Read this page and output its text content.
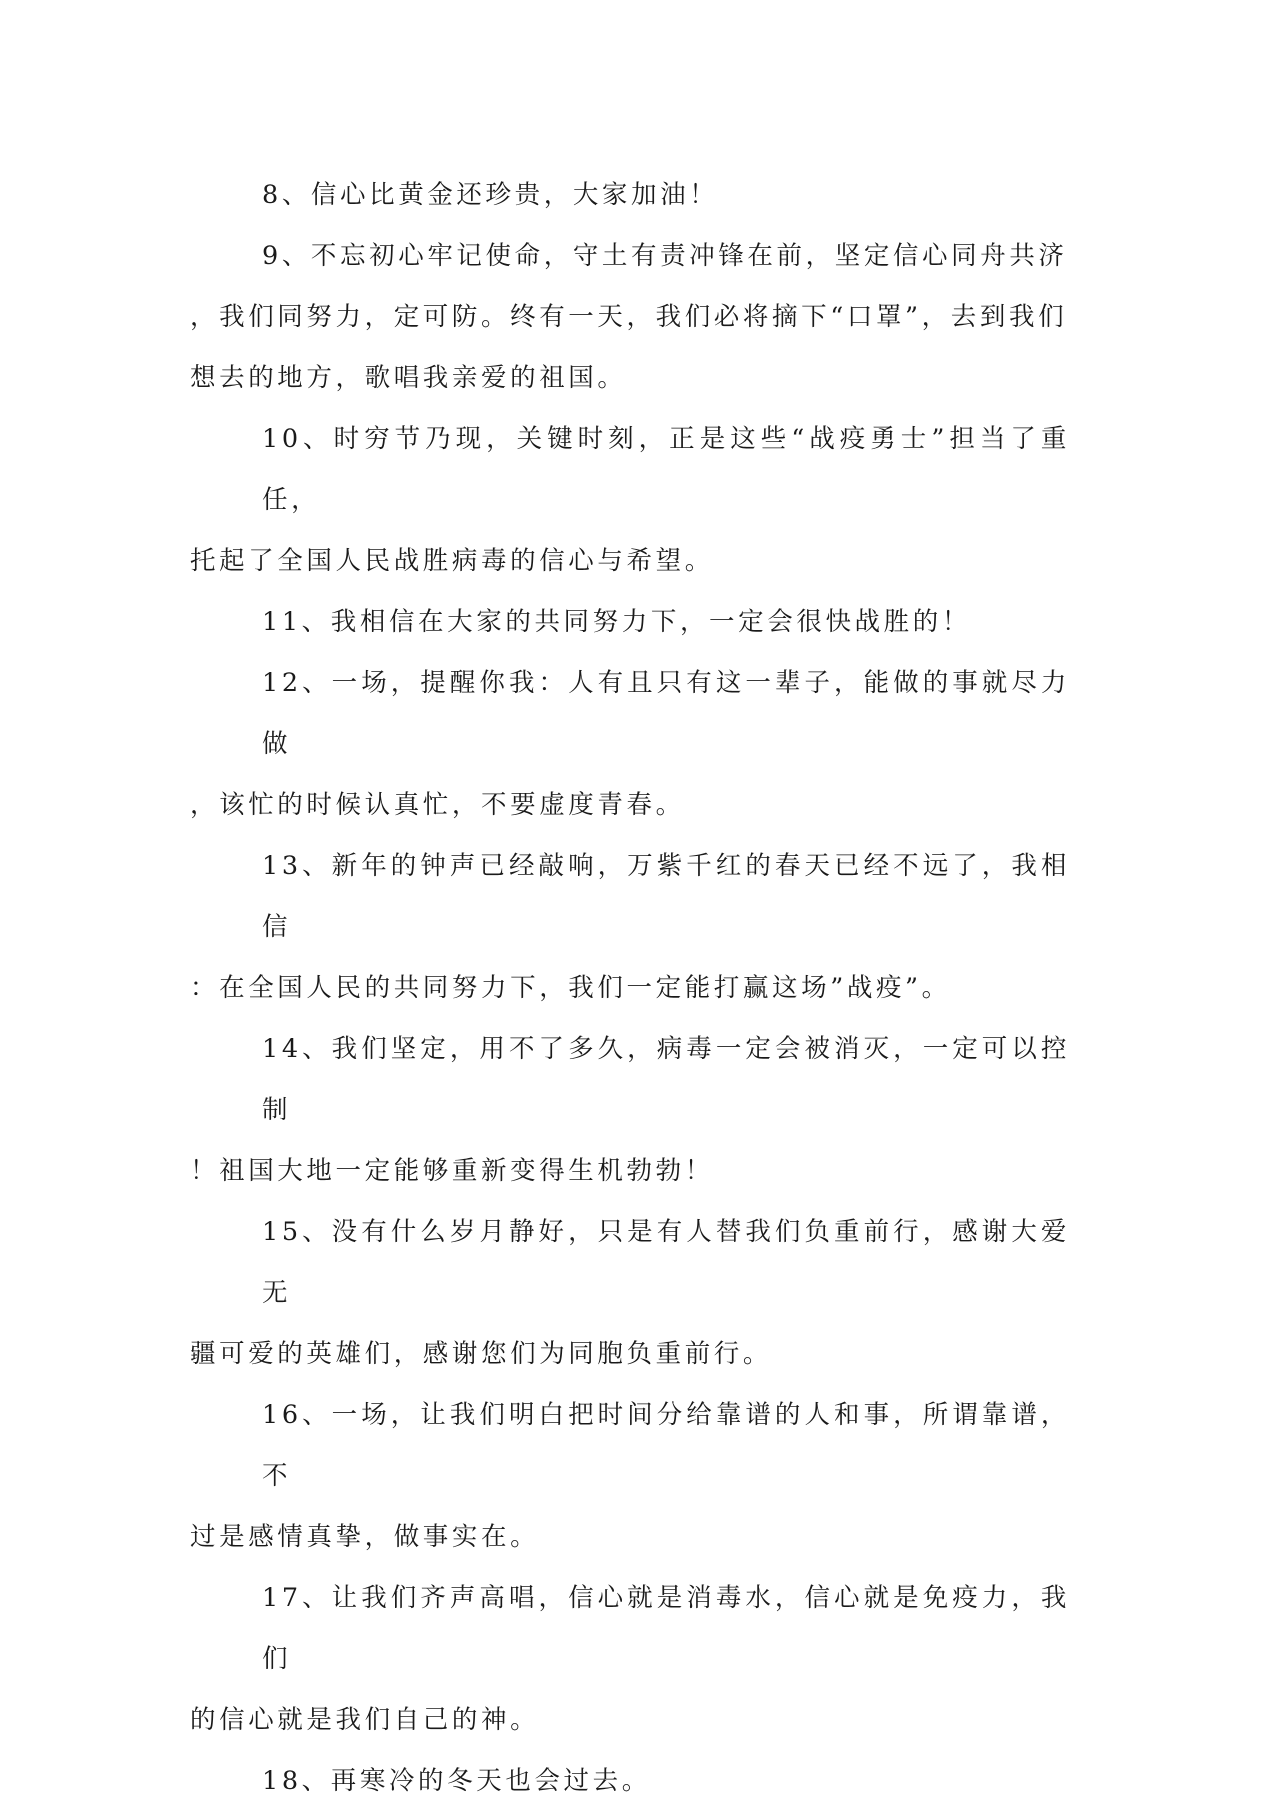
8、信心比黄金还珍贵，大家加油！
9、不忘初心牢记使命，守土有责冲锋在前，坚定信心同舟共济
，我们同努力，定可防。终有一天，我们必将摘下“口罩”，去到我们
想去的地方，歌唱我亲爱的祖国。
10、时穷节乃现，关键时刻，正是这些“战疫勇士”担当了重任，
托起了全国人民战胜病毒的信心与希望。
11、我相信在大家的共同努力下，一定会很快战胜的！
12、一场，提醒你我：人有且只有这一辈子，能做的事就尽力做
，该忙的时候认真忙，不要虚度青春。
13、新年的钟声已经敲响，万紫千红的春天已经不远了，我相信
：在全国人民的共同努力下，我们一定能打赢这场”战疫”。
14、我们坚定，用不了多久，病毒一定会被消灭，一定可以控制
！祖国大地一定能够重新变得生机勃勃！
15、没有什么岁月静好，只是有人替我们负重前行，感谢大爱无
疆可爱的英雄们，感谢您们为同胞负重前行。
16、一场，让我们明白把时间分给靠谱的人和事，所谓靠谱，不
过是感情真挚，做事实在。
17、让我们齐声高唱，信心就是消毒水，信心就是免疫力，我们
的信心就是我们自己的神。
18、再寒冷的冬天也会过去。
